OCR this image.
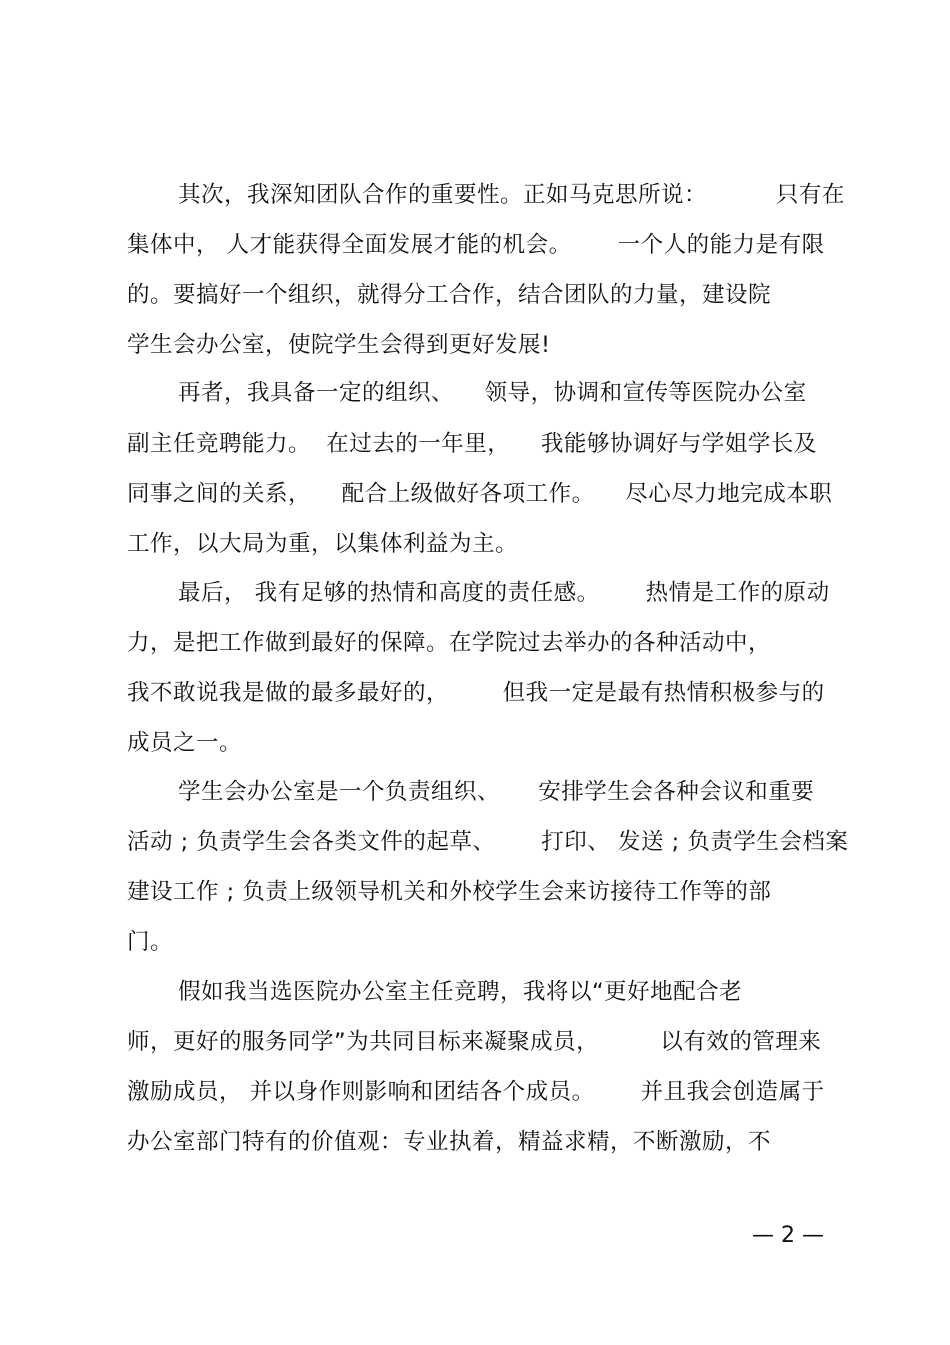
其次，我深知团队合作的重要性。正如马克思所说：         只有在
集体中， 人才能获得全面发展才能的机会。      一个人的能力是有限
的。要搞好一个组织，就得分工合作，结合团队的力量，建设院
学生会办公室，使院学生会得到更好发展!
再者，我具备一定的组织、    领导，协调和宣传等医院办公室
副主任竞聘能力。  在过去的一年里，    我能够协调好与学姐学长及
同事之间的关系，    配合上级做好各项工作。    尽心尽力地完成本职
工作，以大局为重，以集体利益为主。
最后， 我有足够的热情和高度的责任感。      热情是工作的原动
力，是把工作做到最好的保障。在学院过去举办的各种活动中，
我不敢说我是做的最多最好的，       但我一定是最有热情积极参与的
成员之一。
学生会办公室是一个负责组织、     安排学生会各种会议和重要
活动 ; 负责学生会各类文件的起草、      打印、 发送 ; 负责学生会档案
建设工作 ; 负责上级领导机关和外校学生会来访接待工作等的部
门。
假如我当选医院办公室主任竞聘，我将以“更好地配合老
师，更好的服务同学”为共同目标来凝聚成员，        以有效的管理来
激励成员， 并以身作则影响和团结各个成员。      并且我会创造属于
办公室部门特有的价值观：专业执着，精益求精，不断激励，不
— 2 —
